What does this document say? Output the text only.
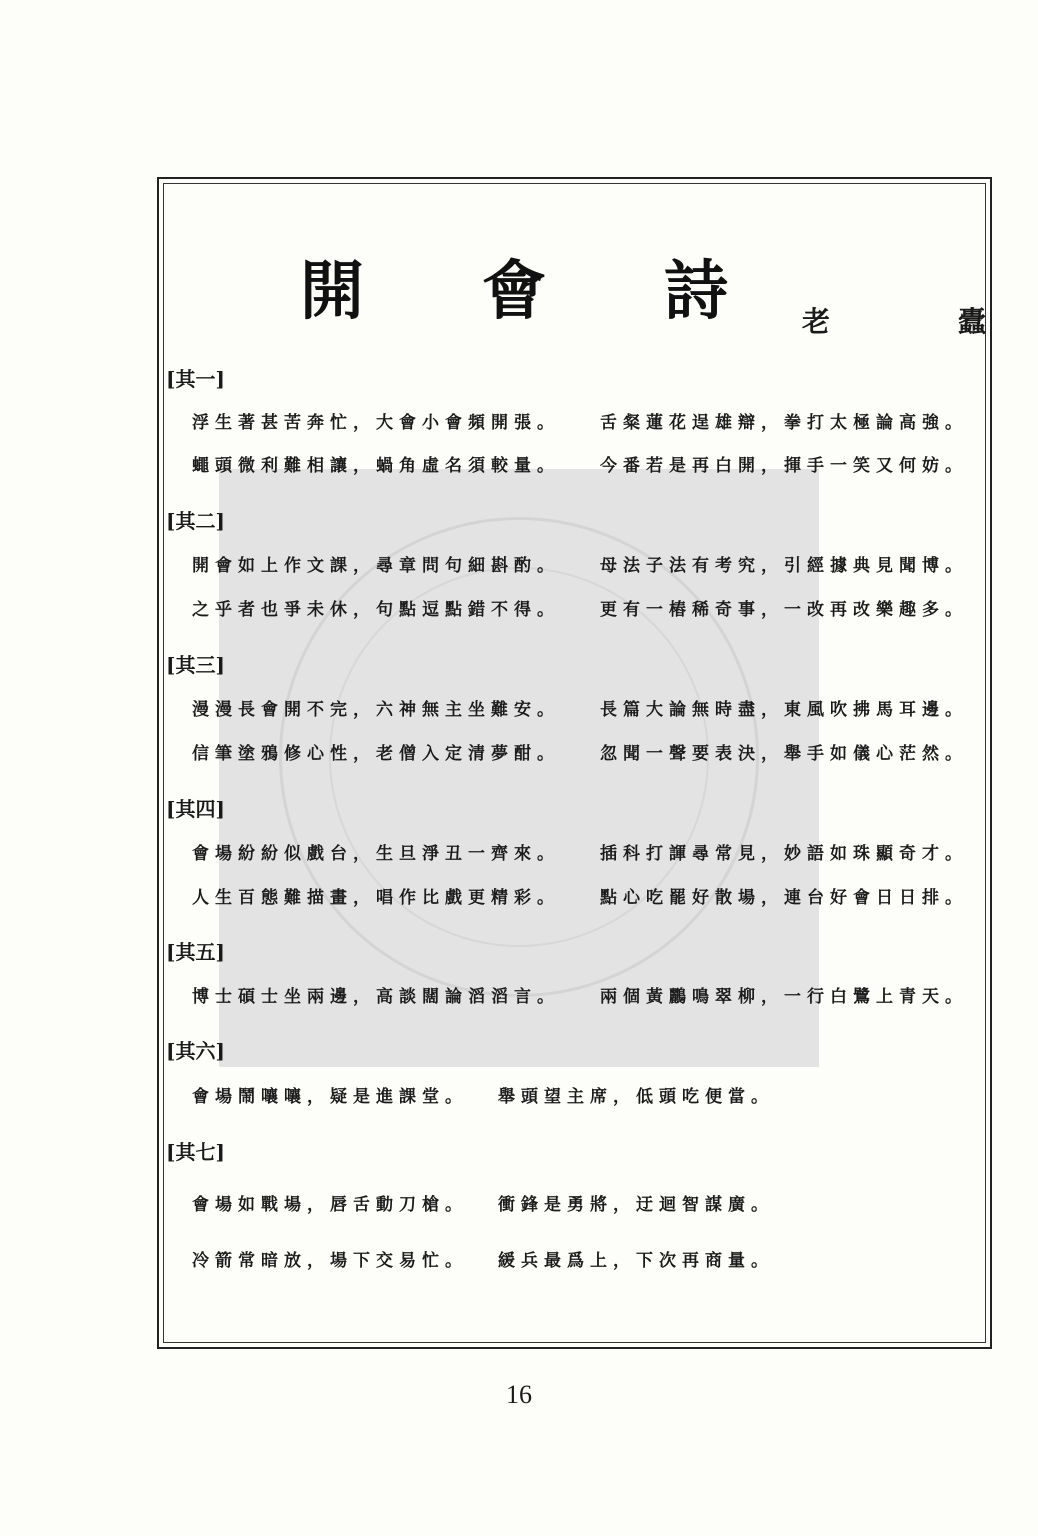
開會詩
老　蠹
[其一]
浮生著甚苦奔忙，大會小會頻開張。 舌粲蓮花逞雄辯，拳打太極論高強。
蠅頭微利難相讓，蝸角虛名須較量。 今番若是再白開，揮手一笑又何妨。
[其二]
開會如上作文課，尋章問句細斟酌。 母法子法有考究，引經據典見聞博。
之乎者也爭未休，句點逗點錯不得。 更有一樁稀奇事，一改再改樂趣多。
[其三]
漫漫長會開不完，六神無主坐難安。 長篇大論無時盡，東風吹拂馬耳邊。
信筆塗鴉修心性，老僧入定清夢酣。 忽聞一聲要表決，舉手如儀心茫然。
[其四]
會場紛紛似戲台，生旦淨丑一齊來。 插科打諢尋常見，妙語如珠顯奇才。
人生百態難描畫，唱作比戲更精彩。 點心吃罷好散場，連台好會日日排。
[其五]
博士碩士坐兩邊，高談闊論滔滔言。 兩個黃鸝鳴翠柳，一行白鷺上青天。
[其六]
會場鬧嚷嚷，疑是進課堂。 舉頭望主席，低頭吃便當。
[其七]
會場如戰場，唇舌動刀槍。 衝鋒是勇將，迂迴智謀廣。
冷箭常暗放，場下交易忙。 緩兵最爲上，下次再商量。
16
